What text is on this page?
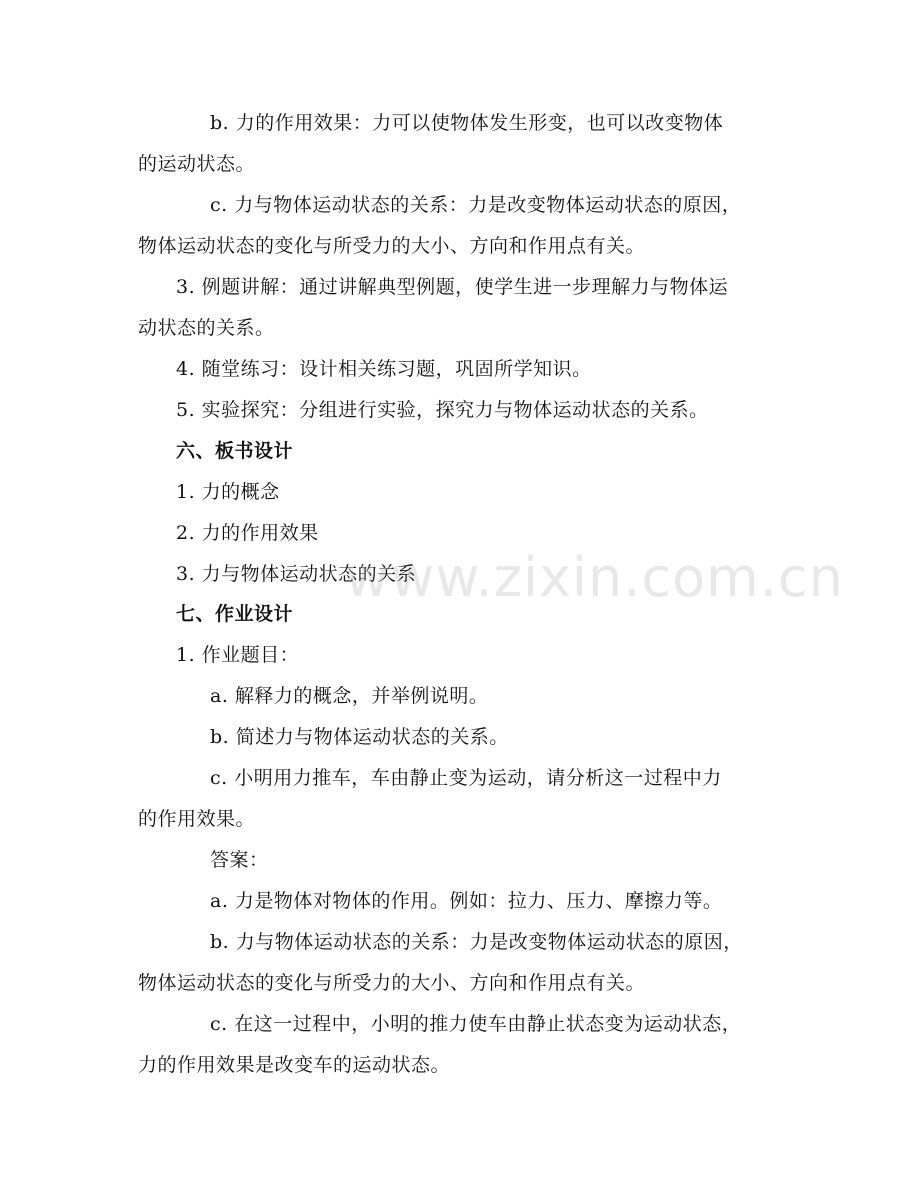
b. 力的作用效果：力可以使物体发生形变，也可以改变物体
的运动状态。
c. 力与物体运动状态的关系：力是改变物体运动状态的原因，
物体运动状态的变化与所受力的大小、方向和作用点有关。
3. 例题讲解：通过讲解典型例题，使学生进一步理解力与物体运
动状态的关系。
4. 随堂练习：设计相关练习题，巩固所学知识。
5. 实验探究：分组进行实验，探究力与物体运动状态的关系。
六、板书设计
1. 力的概念
2. 力的作用效果
3. 力与物体运动状态的关系
七、作业设计
1. 作业题目：
a. 解释力的概念，并举例说明。
b. 简述力与物体运动状态的关系。
c. 小明用力推车，车由静止变为运动，请分析这一过程中力
的作用效果。
答案：
a. 力是物体对物体的作用。例如：拉力、压力、摩擦力等。
b. 力与物体运动状态的关系：力是改变物体运动状态的原因，
物体运动状态的变化与所受力的大小、方向和作用点有关。
c. 在这一过程中，小明的推力使车由静止状态变为运动状态，
力的作用效果是改变车的运动状态。
www.zixin.com.cn
